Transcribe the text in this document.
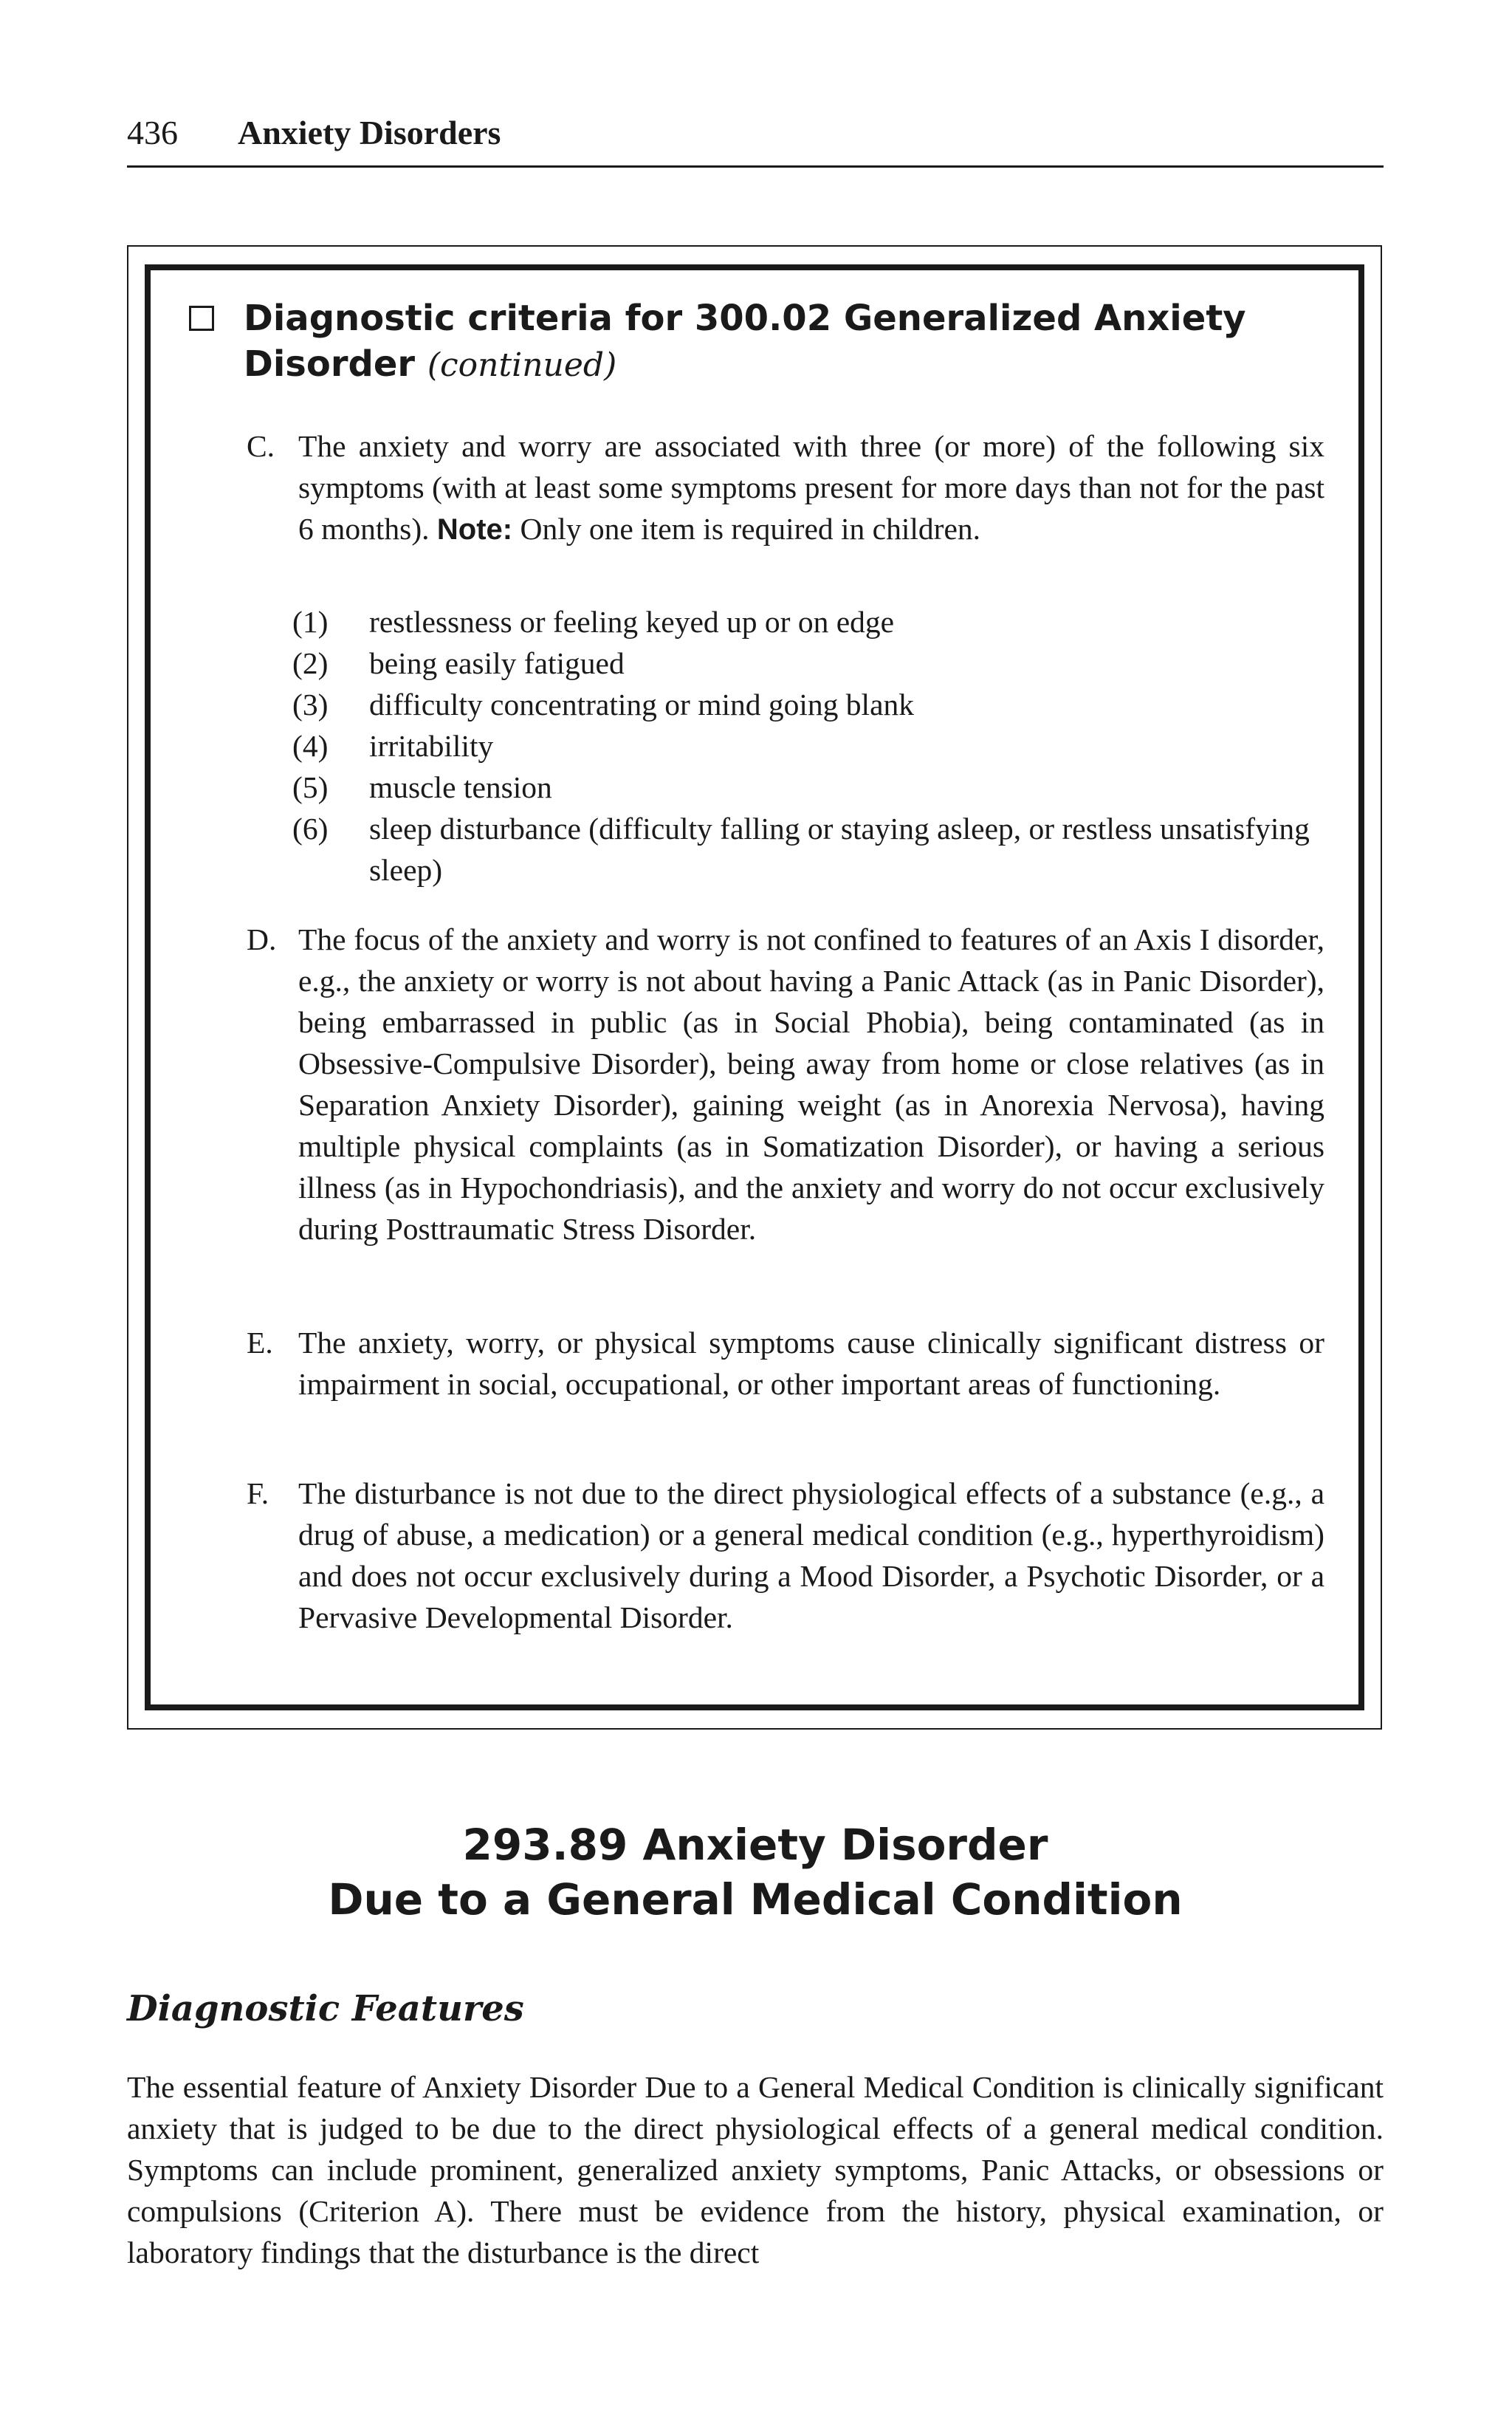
436 Anxiety Disorders
Diagnostic criteria for 300.02 Generalized Anxiety Disorder (continued)
C. The anxiety and worry are associated with three (or more) of the following six symptoms (with at least some symptoms present for more days than not for the past 6 months). Note: Only one item is required in children.
(1) restlessness or feeling keyed up or on edge
(2) being easily fatigued
(3) difficulty concentrating or mind going blank
(4) irritability
(5) muscle tension
(6) sleep disturbance (difficulty falling or staying asleep, or restless unsatisfying sleep)
D. The focus of the anxiety and worry is not confined to features of an Axis I disorder, e.g., the anxiety or worry is not about having a Panic Attack (as in Panic Disorder), being embarrassed in public (as in Social Phobia), being contaminated (as in Obsessive-Compulsive Disorder), being away from home or close relatives (as in Separation Anxiety Disorder), gaining weight (as in Anorexia Nervosa), having multiple physical complaints (as in Somatization Disorder), or having a serious illness (as in Hypochondriasis), and the anxiety and worry do not occur exclusively during Posttraumatic Stress Disorder.
E. The anxiety, worry, or physical symptoms cause clinically significant distress or impairment in social, occupational, or other important areas of functioning.
F. The disturbance is not due to the direct physiological effects of a substance (e.g., a drug of abuse, a medication) or a general medical condition (e.g., hyperthyroidism) and does not occur exclusively during a Mood Disorder, a Psychotic Disorder, or a Pervasive Developmental Disorder.
293.89 Anxiety Disorder
Due to a General Medical Condition
Diagnostic Features
The essential feature of Anxiety Disorder Due to a General Medical Condition is clinically significant anxiety that is judged to be due to the direct physiological effects of a general medical condition. Symptoms can include prominent, generalized anxiety symptoms, Panic Attacks, or obsessions or compulsions (Criterion A). There must be evidence from the history, physical examination, or laboratory findings that the disturbance is the direct
